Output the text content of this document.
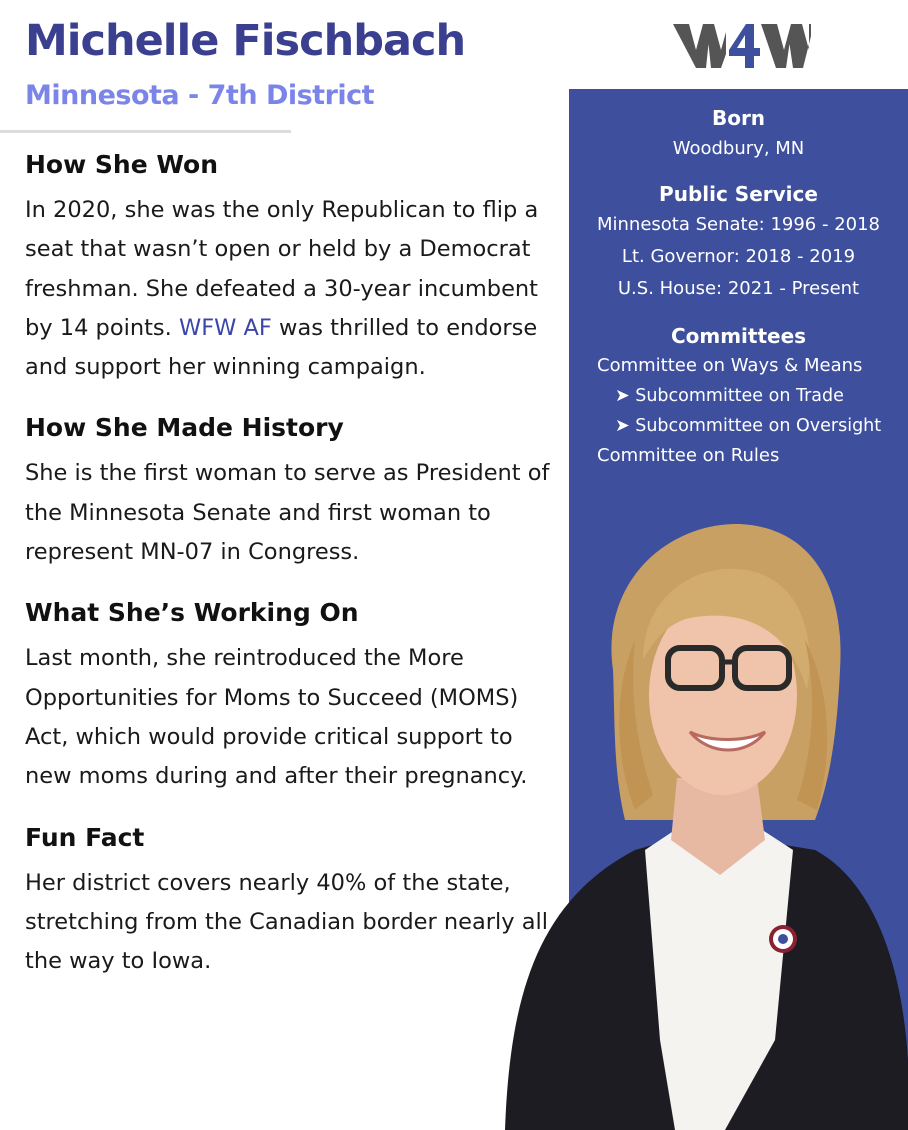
Michelle Fischbach
Minnesota - 7th District
How She Won

In 2020, she was the only Republican to flip a seat that wasn’t open or held by a Democrat freshman. She defeated a 30-year incumbent by 14 points. WFW AF was thrilled to endorse and support her winning campaign.

How She Made History

She is the first woman to serve as President of the Minnesota Senate and first woman to represent MN-07 in Congress.

What She’s Working On

Last month, she reintroduced the More Opportunities for Moms to Succeed (MOMS) Act, which would provide critical support to new moms during and after their pregnancy.

Fun Fact

Her district covers nearly 40% of the state, stretching from the Canadian border nearly all the way to Iowa.

Born

Woodbury, MN

Public Service

Minnesota Senate: 1996 - 2018

Lt. Governor: 2018 - 2019

U.S. House: 2021 - Present

Committees

Committee on Ways & Means

➤ Subcommittee on Trade

➤ Subcommittee on Oversight

Committee on Rules
